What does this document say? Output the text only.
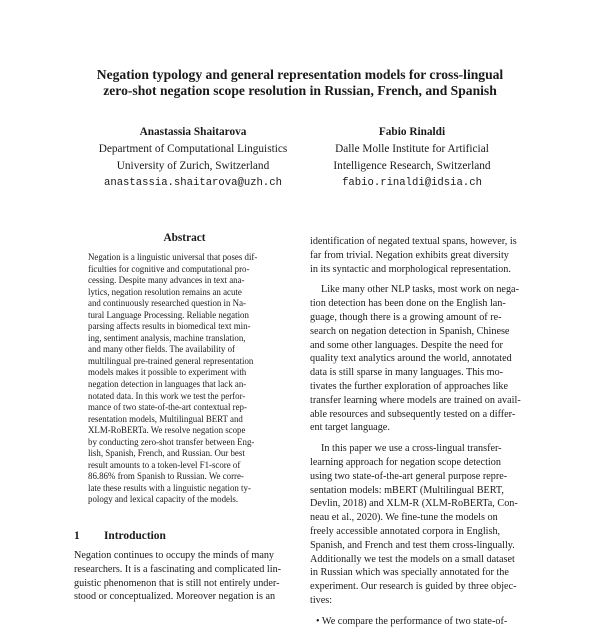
Negation typology and general representation models for cross-lingual
zero-shot negation scope resolution in Russian, French, and Spanish
Anastassia Shaitarova
Department of Computational Linguistics
University of Zurich, Switzerland
anastassia.shaitarova@uzh.ch
Fabio Rinaldi
Dalle Molle Institute for Artificial
Intelligence Research, Switzerland
fabio.rinaldi@idsia.ch
Abstract
Negation is a linguistic universal that poses dif-
ficulties for cognitive and computational pro-
cessing. Despite many advances in text ana-
lytics, negation resolution remains an acute
and continuously researched question in Na-
tural Language Processing. Reliable negation
parsing affects results in biomedical text min-
ing, sentiment analysis, machine translation,
and many other fields. The availability of
multilingual pre-trained general representation
models makes it possible to experiment with
negation detection in languages that lack an-
notated data. In this work we test the perfor-
mance of two state-of-the-art contextual rep-
resentation models, Multilingual BERT and
XLM-RoBERTa. We resolve negation scope
by conducting zero-shot transfer between Eng-
lish, Spanish, French, and Russian. Our best
result amounts to a token-level F1-score of
86.86% from Spanish to Russian. We corre-
late these results with a linguistic negation ty-
pology and lexical capacity of the models.
1 Introduction
Negation continues to occupy the minds of many
researchers. It is a fascinating and complicated lin-
guistic phenomenon that is still not entirely under-
stood or conceptualized. Moreover negation is an
identification of negated textual spans, however, is
far from trivial. Negation exhibits great diversity
in its syntactic and morphological representation.
Like many other NLP tasks, most work on nega-
tion detection has been done on the English lan-
guage, though there is a growing amount of re-
search on negation detection in Spanish, Chinese
and some other languages. Despite the need for
quality text analytics around the world, annotated
data is still sparse in many languages. This mo-
tivates the further exploration of approaches like
transfer learning where models are trained on avail-
able resources and subsequently tested on a differ-
ent target language.
In this paper we use a cross-lingual transfer-
learning approach for negation scope detection
using two state-of-the-art general purpose repre-
sentation models: mBERT (Multilingual BERT,
Devlin, 2018) and XLM-R (XLM-RoBERTa, Con-
neau et al., 2020). We fine-tune the models on
freely accessible annotated corpora in English,
Spanish, and French and test them cross-lingually.
Additionally we test the models on a small dataset
in Russian which was specially annotated for the
experiment. Our research is guided by three objec-
tives:
• We compare the performance of two state-of-
